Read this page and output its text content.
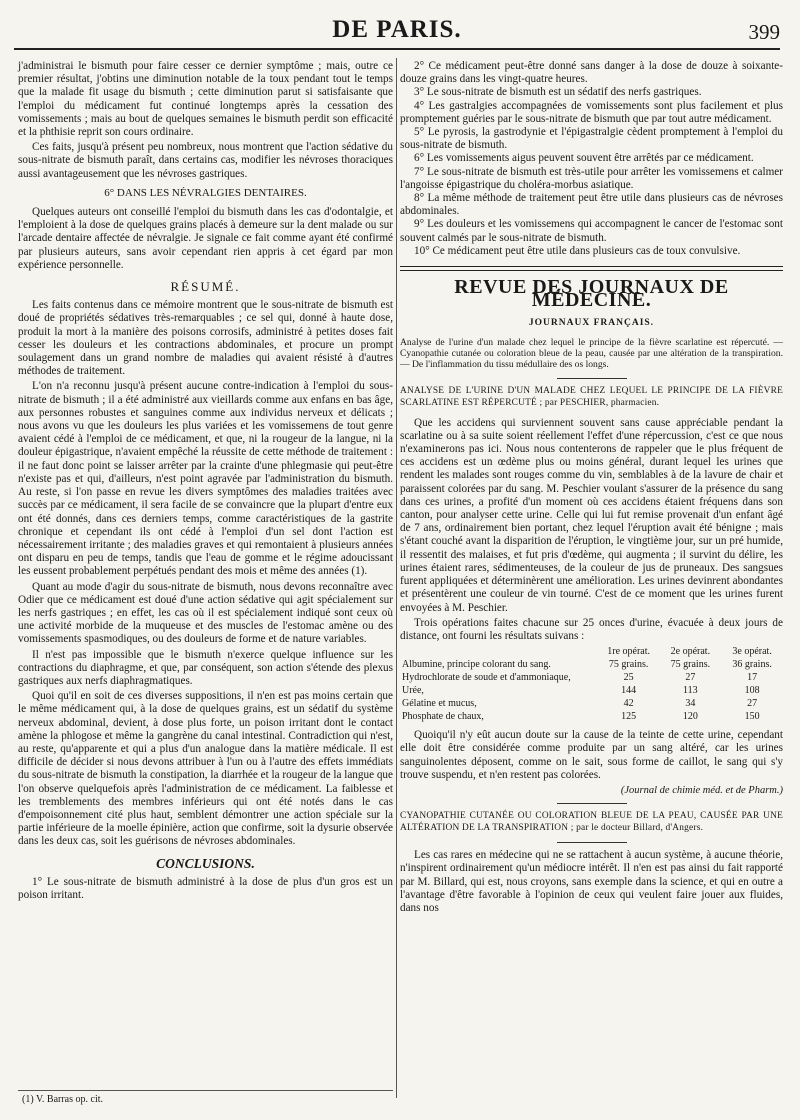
DE PARIS.	399

j'administrai le bismuth pour faire cesser ce dernier symptôme ; mais, outre ce premier résultat, j'obtins une diminution notable de la toux pendant tout le temps que la malade fit usage du bismuth ; cette diminution parut si satisfaisante que l'emploi du médicament fut continué longtemps après la cessation des vomissements ; mais au bout de quelques semaines le bismuth perdit son efficacité et la phthisie reprit son cours ordinaire.

Ces faits, jusqu'à présent peu nombreux, nous montrent que l'action sédative du sous-nitrate de bismuth paraît, dans certains cas, modifier les névroses thoraciques aussi avantageusement que les névroses gastriques.

6° DANS LES NÉVRALGIES DENTAIRES.

Quelques auteurs ont conseillé l'emploi du bismuth dans les cas d'odontalgie, et l'emploient à la dose de quelques grains placés à demeure sur la dent malade ou sur l'arcade dentaire affectée de névralgie. Je signale ce fait comme ayant été confirmé par plusieurs auteurs, sans avoir cependant rien appris à cet égard par mon expérience personnelle.

RÉSUMÉ.

Les faits contenus dans ce mémoire montrent que le sous-nitrate de bismuth est doué de propriétés sédatives très-remarquables ; ce sel qui, donné à haute dose, produit la mort à la manière des poisons corrosifs, administré à petites doses fait cesser les douleurs et les contractions abdominales, et procure un prompt soulagement dans un grand nombre de maladies qui avaient résisté à d'autres méthodes de traitement.

L'on n'a reconnu jusqu'à présent aucune contre-indication à l'emploi du sous-nitrate de bismuth ; il a été administré aux vieillards comme aux enfans en bas âge, aux personnes robustes et sanguines comme aux individus nerveux et délicats ; nous avons vu que les douleurs les plus variées et les vomissemens de tout genre avaient cédé à l'emploi de ce médicament, et que, ni la rougeur de la langue, ni la douleur épigastrique, n'avaient empêché la réussite de cette méthode de traitement : il ne faut donc point se laisser arrêter par la crainte d'une phlegmasie qui peut-être n'existe pas et qui, d'ailleurs, n'est point agravée par l'administration du bismuth. Au reste, si l'on passe en revue les divers symptômes des maladies traitées avec succès par ce médicament, il sera facile de se convaincre que la plupart d'entre eux ont été donnés, dans ces derniers temps, comme caractéristiques de la gastrite chronique et cependant ils ont cédé à l'emploi d'un sel dont l'action est nécessairement irritante ; des maladies graves et qui remontaient à plusieurs années ont disparu en peu de temps, tandis que l'eau de gomme et le régime adoucissant les eussent probablement perpétués pendant des mois et même des années (1).

Quant au mode d'agir du sous-nitrate de bismuth, nous devons reconnaître avec Odier que ce médicament est doué d'une action sédative qui agit spécialement sur les nerfs gastriques ; en effet, les cas où il est spécialement indiqué sont ceux où une activité morbide de la muqueuse et des muscles de l'estomac amène ou des vomissements spasmodiques, ou des douleurs de forme et de nature variables.

Il n'est pas impossible que le bismuth n'exerce quelque influence sur les contractions du diaphragme, et que, par conséquent, son action s'étende des plexus gastriques aux nerfs diaphragmatiques.

Quoi qu'il en soit de ces diverses suppositions, il n'en est pas moins certain que le même médicament qui, à la dose de quelques grains, est un sédatif du système nerveux abdominal, devient, à dose plus forte, un poison irritant dont le contact amène la phlogose et même la gangrène du canal intestinal. Contradiction qui n'est, au reste, qu'apparente et qui a plus d'un analogue dans la matière médicale. Il est difficile de décider si nous devons attribuer à l'un ou à l'autre des effets immédiats du sous-nitrate de bismuth la constipation, la diarrhée et la rougeur de la langue que l'on observe quelquefois après l'administration de ce médicament. La faiblesse et les tremblements des membres inférieurs qui ont été notés dans le cas d'empoisonnement cité plus haut, semblent démontrer une action spéciale sur la partie inférieure de la moelle épinière, action que confirme, soit la dysurie observée dans les deux cas, soit les guérisons de névroses abdominales.

CONCLUSIONS.

1° Le sous-nitrate de bismuth administré à la dose de plus d'un gros est un poison irritant.

(1) V. Barras op. cit.

2° Ce médicament peut-être donné sans danger à la dose de douze à soixante-douze grains dans les vingt-quatre heures.

3° Le sous-nitrate de bismuth est un sédatif des nerfs gastriques.

4° Les gastralgies accompagnées de vomissements sont plus facilement et plus promptement guéries par le sous-nitrate de bismuth que par tout autre médicament.

5° Le pyrosis, la gastrodynie et l'épigastralgie cèdent promptement à l'emploi du sous-nitrate de bismuth.

6° Les vomissements aigus peuvent souvent être arrêtés par ce médicament.

7° Le sous-nitrate de bismuth est très-utile pour arrêter les vomissemens et calmer l'angoisse épigastrique du choléra-morbus asiatique.

8° La même méthode de traitement peut être utile dans plusieurs cas de névroses abdominales.

9° Les douleurs et les vomissemens qui accompagnent le cancer de l'estomac sont souvent calmés par le sous-nitrate de bismuth.

10° Ce médicament peut être utile dans plusieurs cas de toux convulsive.

REVUE DES JOURNAUX DE MÉDECINE.
JOURNAUX FRANÇAIS.

Analyse de l'urine d'un malade chez lequel le principe de la fièvre scarlatine est répercuté. — Cyanopathie cutanée ou coloration bleue de la peau, causée par une altération de la transpiration. — De l'inflammation du tissu médullaire des os longs.

ANALYSE DE L'URINE D'UN MALADE CHEZ LEQUEL LE PRINCIPE DE LA FIÈVRE SCARLATINE EST RÉPERCUTÉ ; par PESCHIER, pharmacien.

Que les accidens qui surviennent souvent sans cause appréciable pendant la scarlatine ou à sa suite soient réellement l'effet d'une répercussion, c'est ce que nous n'examinerons pas ici. Nous nous contenterons de rappeler que le plus fréquent de ces accidens est un œdème plus ou moins général, durant lequel les urines que rendent les malades sont rouges comme du vin, semblables à de la lavure de chair et paraissent colorées par du sang. M. Peschier voulant s'assurer de la présence du sang dans ces urines, a profité d'un moment où ces accidens étaient fréquens dans son canton, pour analyser cette urine. Celle qui lui fut remise provenait d'un enfant âgé de 7 ans, ordinairement bien portant, chez lequel l'éruption avait été bénigne ; mais s'étant couché avant la disparition de l'éruption, le vingtième jour, sur un pré humide, il ressentit des malaises, et fut pris d'œdème, qui augmenta ; il survint du délire, les urines étaient rares, sédimenteuses, de la couleur de jus de pruneaux. Des sangsues furent appliquées et déterminèrent une amélioration. Les urines devinrent abondantes et présentèrent une couleur de vin tourné. C'est de ce moment que les urines furent envoyées à M. Peschier.

Trois opérations faites chacune sur 25 onces d'urine, évacuée à deux jours de distance, ont fourni les résultats suivans :

	1re opérat.	2e opérat.	3e opérat.
Albumine, principe colorant du sang.	75 grains.	75 grains.	36 grains.
Hydrochlorate de soude et d'ammoniaque,	25	27	17
Urée,	144	113	108
Gélatine et mucus,	42	34	27
Phosphate de chaux,	125	120	150

Quoiqu'il n'y eût aucun doute sur la cause de la teinte de cette urine, cependant elle doit être considérée comme produite par un sang altéré, car les urines sanguinolentes déposent, comme on le sait, sous forme de caillot, le sang qui s'y trouve suspendu, et n'en restent pas colorées.

(Journal de chimie méd. et de Pharm.)

CYANOPATHIE CUTANÉE OU COLORATION BLEUE DE LA PEAU, CAUSÉE PAR UNE ALTÉRATION DE LA TRANSPIRATION ; par le docteur Billard, d'Angers.

Les cas rares en médecine qui ne se rattachent à aucun système, à aucune théorie, n'inspirent ordinairement qu'un médiocre intérêt. Il n'en est pas ainsi du fait rapporté par M. Billard, qui est, nous croyons, sans exemple dans la science, et qui en outre a l'avantage d'être favorable à l'opinion de ceux qui veulent faire jouer aux fluides, dans nos
